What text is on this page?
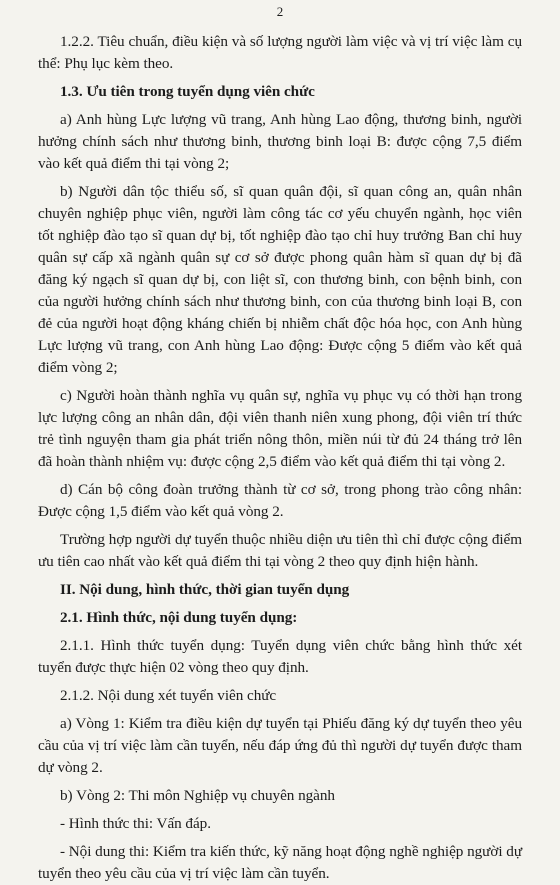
2

1.2.2. Tiêu chuẩn, điều kiện và số lượng người làm việc và vị trí việc làm cụ thể: Phụ lục kèm theo.

1.3. Ưu tiên trong tuyển dụng viên chức

a) Anh hùng Lực lượng vũ trang, Anh hùng Lao động, thương binh, người hưởng chính sách như thương binh, thương binh loại B: được cộng 7,5 điểm vào kết quả điểm thi tại vòng 2;

b) Người dân tộc thiểu số, sĩ quan quân đội, sĩ quan công an, quân nhân chuyên nghiệp phục viên, người làm công tác cơ yếu chuyển ngành, học viên tốt nghiệp đào tạo sĩ quan dự bị, tốt nghiệp đào tạo chỉ huy trưởng Ban chỉ huy quân sự cấp xã ngành quân sự cơ sở được phong quân hàm sĩ quan dự bị đã đăng ký ngạch sĩ quan dự bị, con liệt sĩ, con thương binh, con bệnh binh, con của người hưởng chính sách như thương binh, con của thương binh loại B, con đẻ của người hoạt động kháng chiến bị nhiễm chất độc hóa học, con Anh hùng Lực lượng vũ trang, con Anh hùng Lao động: Được cộng 5 điểm vào kết quả điểm vòng 2;

c) Người hoàn thành nghĩa vụ quân sự, nghĩa vụ phục vụ có thời hạn trong lực lượng công an nhân dân, đội viên thanh niên xung phong, đội viên trí thức trẻ tình nguyện tham gia phát triển nông thôn, miền núi từ đủ 24 tháng trở lên đã hoàn thành nhiệm vụ: được cộng 2,5 điểm vào kết quả điểm thi tại vòng 2.

d) Cán bộ công đoàn trưởng thành từ cơ sở, trong phong trào công nhân: Được cộng 1,5 điểm vào kết quả vòng 2.

Trường hợp người dự tuyển thuộc nhiều diện ưu tiên thì chỉ được cộng điểm ưu tiên cao nhất vào kết quả điểm thi tại vòng 2 theo quy định hiện hành.

II. Nội dung, hình thức, thời gian tuyển dụng

2.1. Hình thức, nội dung tuyển dụng:

2.1.1. Hình thức tuyển dụng: Tuyển dụng viên chức bằng hình thức xét tuyển được thực hiện 02 vòng theo quy định.

2.1.2. Nội dung xét tuyển viên chức

a) Vòng 1: Kiểm tra điều kiện dự tuyển tại Phiếu đăng ký dự tuyển theo yêu cầu của vị trí việc làm cần tuyển, nếu đáp ứng đủ thì người dự tuyển được tham dự vòng 2.

b) Vòng 2: Thi môn Nghiệp vụ chuyên ngành

- Hình thức thi: Vấn đáp.

- Nội dung thi: Kiểm tra kiến thức, kỹ năng hoạt động nghề nghiệp người dự tuyển theo yêu cầu của vị trí việc làm cần tuyển.
